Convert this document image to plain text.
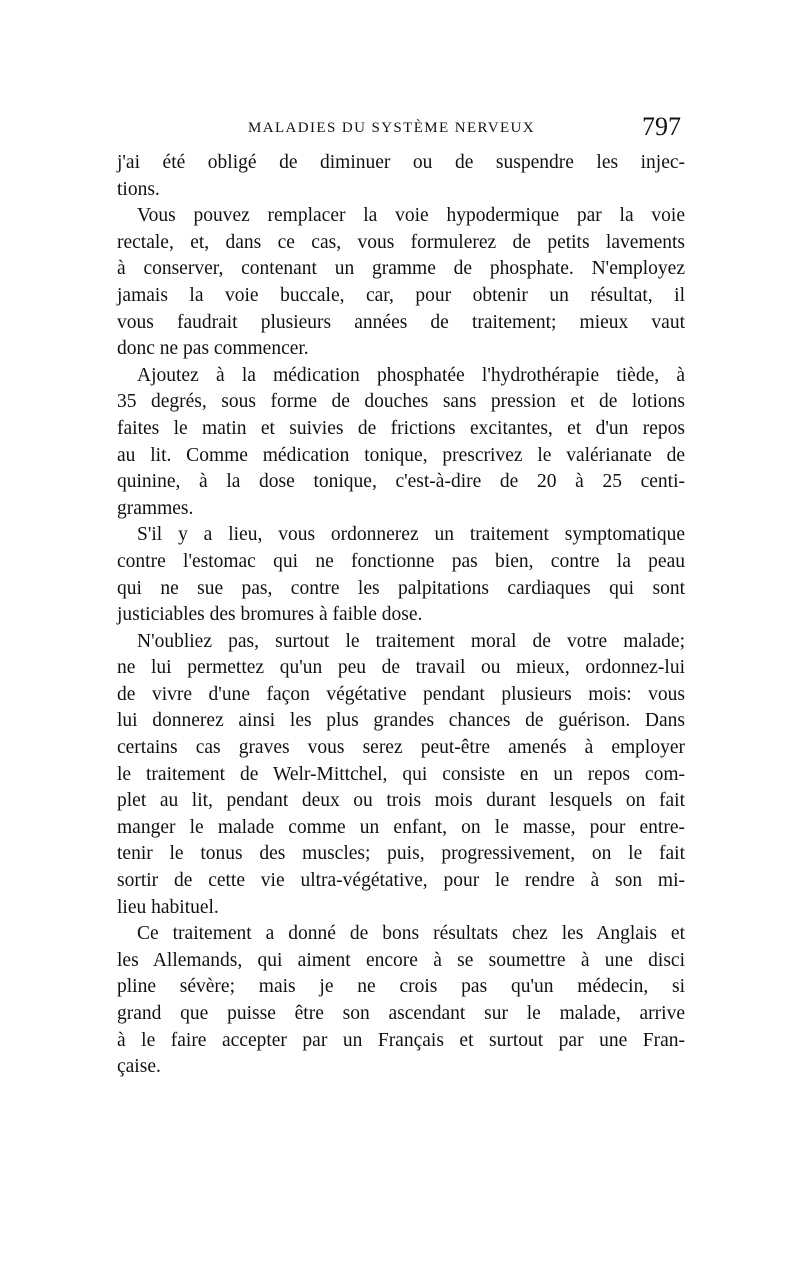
MALADIES DU SYSTÈME NERVEUX	797
j'ai été obligé de diminuer ou de suspendre les injec-
tions.
Vous pouvez remplacer la voie hypodermique par la voie
rectale, et, dans ce cas, vous formulerez de petits lavements
à conserver, contenant un gramme de phosphate. N'employez
jamais la voie buccale, car, pour obtenir un résultat, il
vous faudrait plusieurs années de traitement; mieux vaut
donc ne pas commencer.
Ajoutez à la médication phosphatée l'hydrothérapie tiède, à
35 degrés, sous forme de douches sans pression et de lotions
faites le matin et suivies de frictions excitantes, et d'un repos
au lit. Comme médication tonique, prescrivez le valérianate de
quinine, à la dose tonique, c'est-à-dire de 20 à 25 centi-
grammes.
S'il y a lieu, vous ordonnerez un traitement symptomatique
contre l'estomac qui ne fonctionne pas bien, contre la peau
qui ne sue pas, contre les palpitations cardiaques qui sont
justiciables des bromures à faible dose.
N'oubliez pas, surtout le traitement moral de votre malade;
ne lui permettez qu'un peu de travail ou mieux, ordonnez-lui
de vivre d'une façon végétative pendant plusieurs mois: vous
lui donnerez ainsi les plus grandes chances de guérison. Dans
certains cas graves vous serez peut-être amenés à employer
le traitement de Welr-Mittchel, qui consiste en un repos com-
plet au lit, pendant deux ou trois mois durant lesquels on fait
manger le malade comme un enfant, on le masse, pour entre-
tenir le tonus des muscles; puis, progressivement, on le fait
sortir de cette vie ultra-végétative, pour le rendre à son mi-
lieu habituel.
Ce traitement a donné de bons résultats chez les Anglais et
les Allemands, qui aiment encore à se soumettre à une disci
pline sévère; mais je ne crois pas qu'un médecin, si
grand que puisse être son ascendant sur le malade, arrive
à le faire accepter par un Français et surtout par une Fran-
çaise.
